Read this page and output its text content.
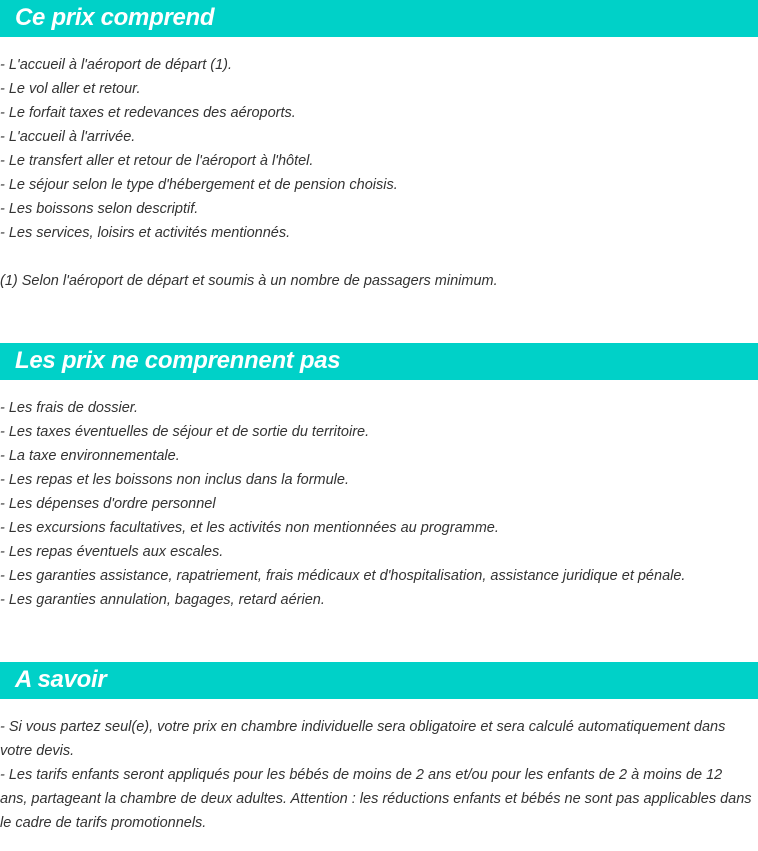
Ce prix comprend
- L'accueil à l'aéroport de départ (1).
- Le vol aller et retour.
- Le forfait taxes et redevances des aéroports.
- L'accueil à l'arrivée.
- Le transfert aller et retour de l'aéroport à l'hôtel.
- Le séjour selon le type d'hébergement et de pension choisis.
- Les boissons selon descriptif.
- Les services, loisirs et activités mentionnés.
(1) Selon l'aéroport de départ et soumis à un nombre de passagers minimum.
Les prix ne comprennent pas
- Les frais de dossier.
- Les taxes éventuelles de séjour et de sortie du territoire.
- La taxe environnementale.
- Les repas et les boissons non inclus dans la formule.
- Les dépenses d'ordre personnel
- Les excursions facultatives, et les activités non mentionnées au programme.
- Les repas éventuels aux escales.
- Les garanties assistance, rapatriement, frais médicaux et d'hospitalisation, assistance juridique et pénale.
- Les garanties annulation, bagages, retard aérien.
A savoir

- Si vous partez seul(e), votre prix en chambre individuelle sera obligatoire et sera calculé automatiquement dans votre devis.

- Les tarifs enfants seront appliqués pour les bébés de moins de 2 ans et/ou pour les enfants de 2 à moins de 12 ans, partageant la chambre de deux adultes. Attention : les réductions enfants et bébés ne sont pas applicables dans le cadre de tarifs promotionnels.
